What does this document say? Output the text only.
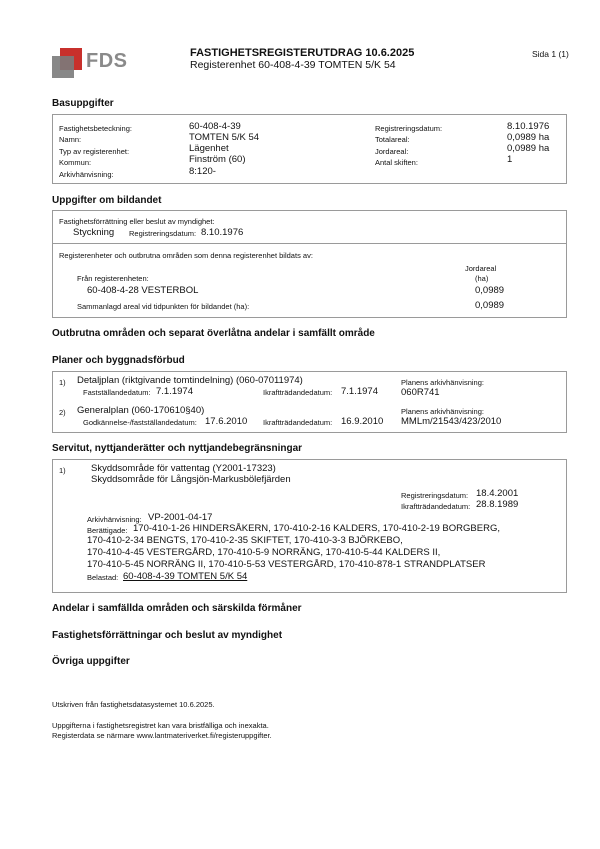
FDS	FASTIGHETSREGISTERUTDRAG 10.6.2025
Registerenhet 60-408-4-39 TOMTEN 5/K 54
Sida 1 (1)
Basuppgifter
Fastighetsbeteckning:	60-408-4-39
Namn:	TOMTEN 5/K 54
Typ av registerenhet:	Lägenhet
Kommun:	Finström (60)
Arkivhänvisning:	8:120-
Registreringsdatum:	8.10.1976
Totalareal:	0,0989 ha
Jordareal:	0,0989 ha
Antal skiften:	1
Uppgifter om bildandet
Fastighetsförrättning eller beslut av myndighet:
Styckning Registreringsdatum: 8.10.1976
Registerenheter och outbrutna områden som denna registerenhet bildats av:
Jordareal
(ha)
Från registerenheten:
60-408-4-28 VESTERBOL	0,0989
Sammanlagd areal vid tidpunkten för bildandet (ha):	0,0989
Outbrutna områden och separat överlåtna andelar i samfällt område
Planer och byggnadsförbud
1) Detaljplan (riktgivande tomtindelning) (060-07011974)
Fastställandedatum: 7.1.1974	Ikraftträdandedatum: 7.1.1974
Planens arkivhänvisning:
060R741
2) Generalplan (060-170610§40)
Godkännelse-/fastställandedatum: 17.6.2010 Ikraftträdandedatum: 16.9.2010
Planens arkivhänvisning:
MMLm/21543/423/2010
Servitut, nyttjanderätter och nyttjandebegränsningar
1)	Skyddsområde för vattentag (Y2001-17323)
Skyddsområde för Långsjön-Markusbölefjärden
Registreringsdatum: 18.4.2001
Ikraftträdandedatum: 28.8.1989
Arkivhänvisning: VP-2001-04-17
Berättigade: 170-410-1-26 HINDERSÅKERN, 170-410-2-16 KALDERS, 170-410-2-19 BORGBERG,
170-410-2-34 BENGTS, 170-410-2-35 SKIFTET, 170-410-3-3 BJÖRKEBO,
170-410-4-45 VESTERGÅRD, 170-410-5-9 NORRÄNG, 170-410-5-44 KALDERS II,
170-410-5-45 NORRÄNG II, 170-410-5-53 VESTERGÅRD, 170-410-878-1 STRANDPLATSER
Belastad: 60-408-4-39 TOMTEN 5/K 54
Andelar i samfällda områden och särskilda förmåner
Fastighetsförrättningar och beslut av myndighet
Övriga uppgifter
Utskriven från fastighetsdatasystemet 10.6.2025.
Uppgifterna i fastighetsregistret kan vara bristfälliga och inexakta.
Registerdata se närmare www.lantmateriverket.fi/registeruppgifter.
